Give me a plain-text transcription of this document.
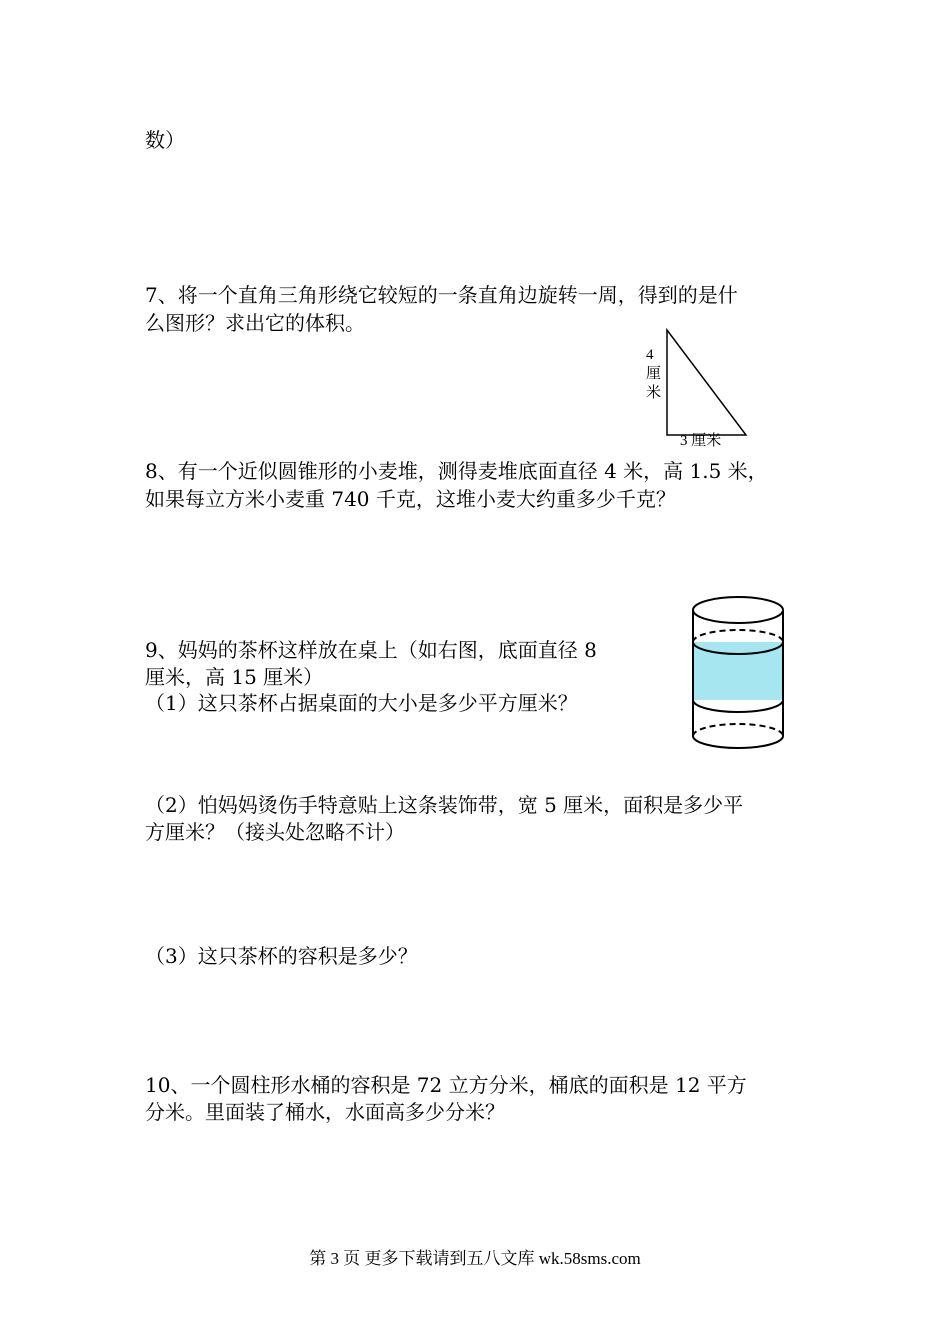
数）
7、将一个直角三角形绕它较短的一条直角边旋转一周，得到的是什
么图形？求出它的体积。
4
厘
米
3 厘米
8、有一个近似圆锥形的小麦堆，测得麦堆底面直径 4 米，高 1.5 米，
如果每立方米小麦重 740 千克，这堆小麦大约重多少千克？
9、妈妈的茶杯这样放在桌上（如右图，底面直径 8
厘米，高 15 厘米）
（1）这只茶杯占据桌面的大小是多少平方厘米？
（2）怕妈妈烫伤手特意贴上这条装饰带，宽 5 厘米，面积是多少平
方厘米？（接头处忽略不计）
（3）这只茶杯的容积是多少？
10、一个圆柱形水桶的容积是 72 立方分米，桶底的面积是 12 平方
分米。里面装了桶水，水面高多少分米？
第 3 页 更多下载请到五八文库 wk.58sms.com
